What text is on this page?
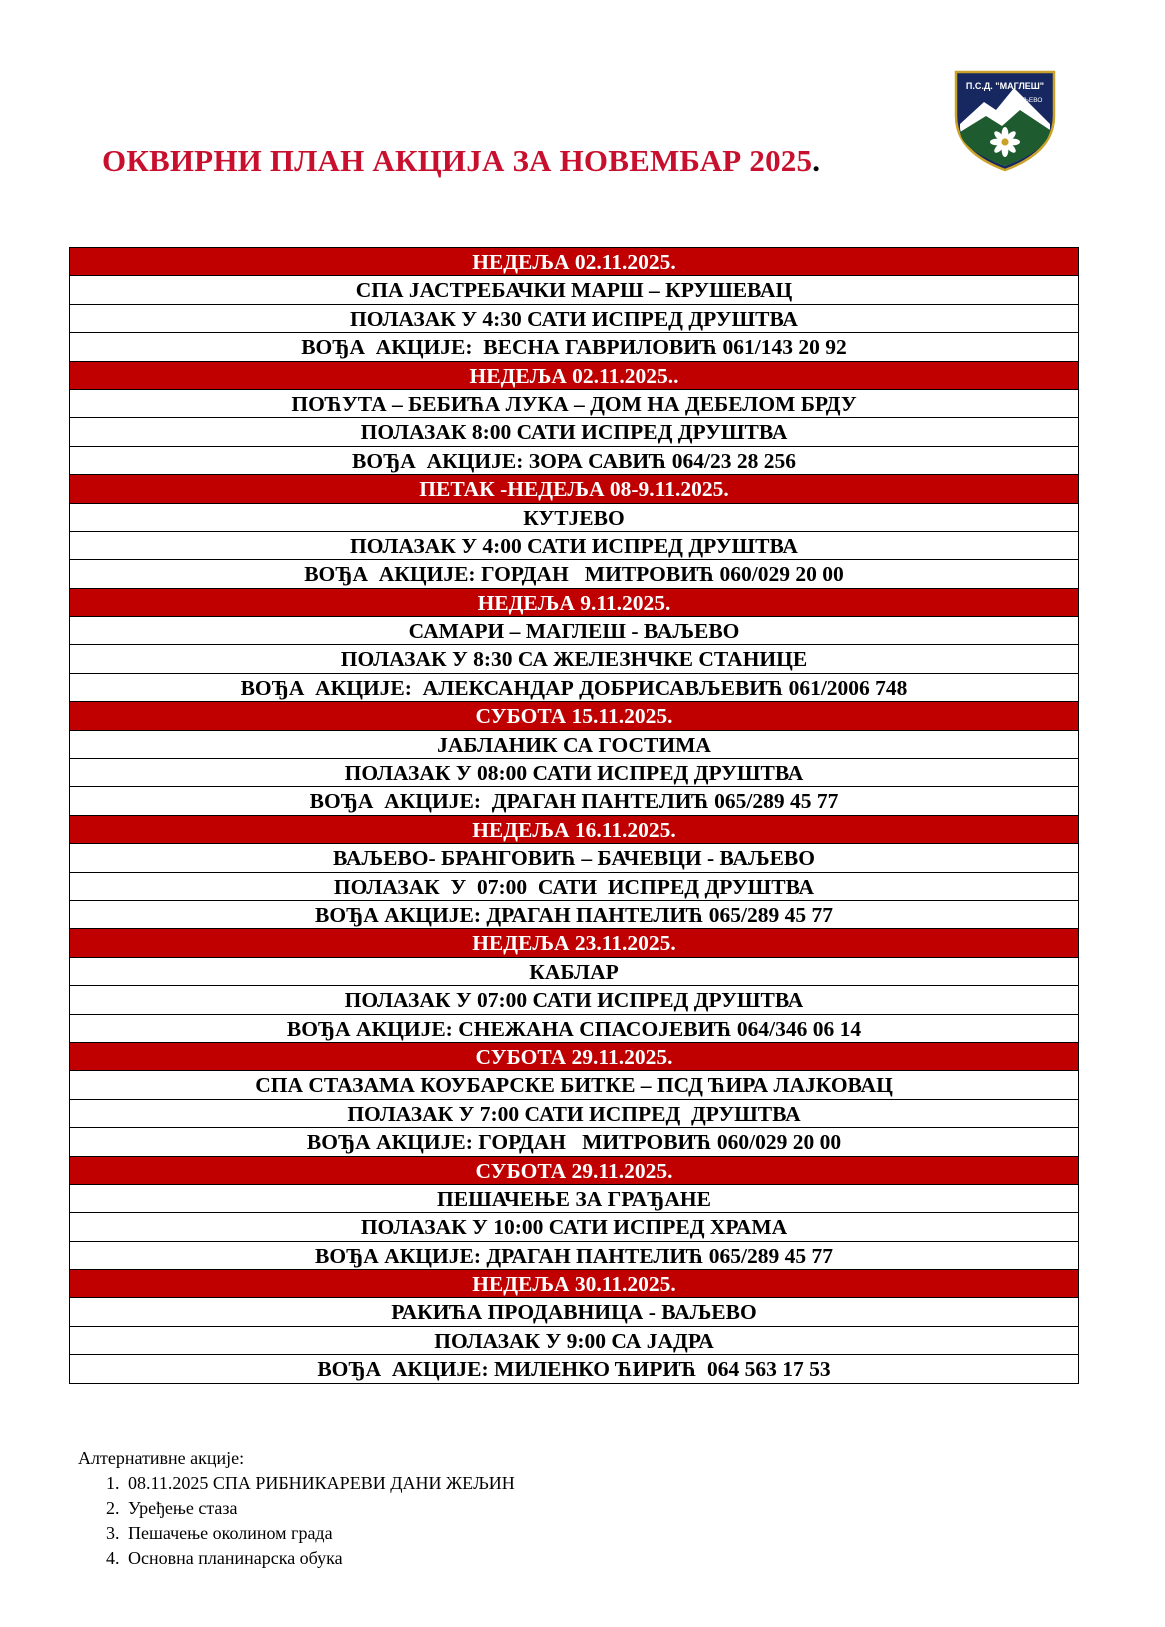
ОКВИРНИ ПЛАН АКЦИЈА ЗА НОВЕМБАР 2025.
П.С.Д. "МАГЛЕШ"
ВАЉЕВО
НЕДЕЉА 02.11.2025.
СПА ЈАСТРЕБАЧКИ МАРШ – КРУШЕВАЦ
ПОЛАЗАК У 4:30 САТИ ИСПРЕД ДРУШТВА
ВОЂА  АКЦИЈЕ:  ВЕСНА ГАВРИЛОВИЋ 061/143 20 92
НЕДЕЉА 02.11.2025..
ПОЋУТА – БЕБИЋА ЛУКА – ДОМ НА ДЕБЕЛОМ БРДУ
ПОЛАЗАК 8:00 САТИ ИСПРЕД ДРУШТВА
ВОЂА  АКЦИЈЕ: ЗОРА САВИЋ 064/23 28 256
ПЕТАК -НЕДЕЉА 08-9.11.2025.
КУТЈЕВО
ПОЛАЗАК У 4:00 САТИ ИСПРЕД ДРУШТВА
ВОЂА  АКЦИЈЕ: ГОРДАН   МИТРОВИЋ 060/029 20 00
НЕДЕЉА 9.11.2025.
САМАРИ – МАГЛЕШ - ВАЉЕВО
ПОЛАЗАК У 8:30 СА ЖЕЛЕЗНЧКЕ СТАНИЦЕ
ВОЂА  АКЦИЈЕ:  АЛЕКСАНДАР ДОБРИСАВЉЕВИЋ 061/2006 748
СУБОТА 15.11.2025.
ЈАБЛАНИК СА ГОСТИМА
ПОЛАЗАК У 08:00 САТИ ИСПРЕД ДРУШТВА
ВОЂА  АКЦИЈЕ:  ДРАГАН ПАНТЕЛИЋ 065/289 45 77
НЕДЕЉА 16.11.2025.
ВАЉЕВО- БРАНГОВИЋ – БАЧЕВЦИ - ВАЉЕВО
ПОЛАЗАК  У  07:00  САТИ  ИСПРЕД ДРУШТВА
ВОЂА АКЦИЈЕ: ДРАГАН ПАНТЕЛИЋ 065/289 45 77
НЕДЕЉА 23.11.2025.
КАБЛАР
ПОЛАЗАК У 07:00 САТИ ИСПРЕД ДРУШТВА
ВОЂА АКЦИЈЕ: СНЕЖАНА СПАСОЈЕВИЋ 064/346 06 14
СУБОТА 29.11.2025.
СПА СТАЗАМА КОУБАРСКЕ БИТКЕ – ПСД ЋИРА ЛАЈКОВАЦ
ПОЛАЗАК У 7:00 САТИ ИСПРЕД  ДРУШТВА
ВОЂА АКЦИЈЕ: ГОРДАН   МИТРОВИЋ 060/029 20 00
СУБОТА 29.11.2025.
ПЕШАЧЕЊЕ ЗА ГРАЂАНЕ
ПОЛАЗАК У 10:00 САТИ ИСПРЕД ХРАМА
ВОЂА АКЦИЈЕ: ДРАГАН ПАНТЕЛИЋ 065/289 45 77
НЕДЕЉА 30.11.2025.
РАКИЋА ПРОДАВНИЦА - ВАЉЕВО
ПОЛАЗАК У 9:00 СА ЈАДРА
ВОЂА  АКЦИЈЕ: МИЛЕНКО ЋИРИЋ  064 563 17 53
Алтернативне акције:
1. 08.11.2025 СПА РИБНИКАРЕВИ ДАНИ ЖЕЉИН
2. Уређење стаза
3. Пешачење околином града
4. Основна планинарска обука
